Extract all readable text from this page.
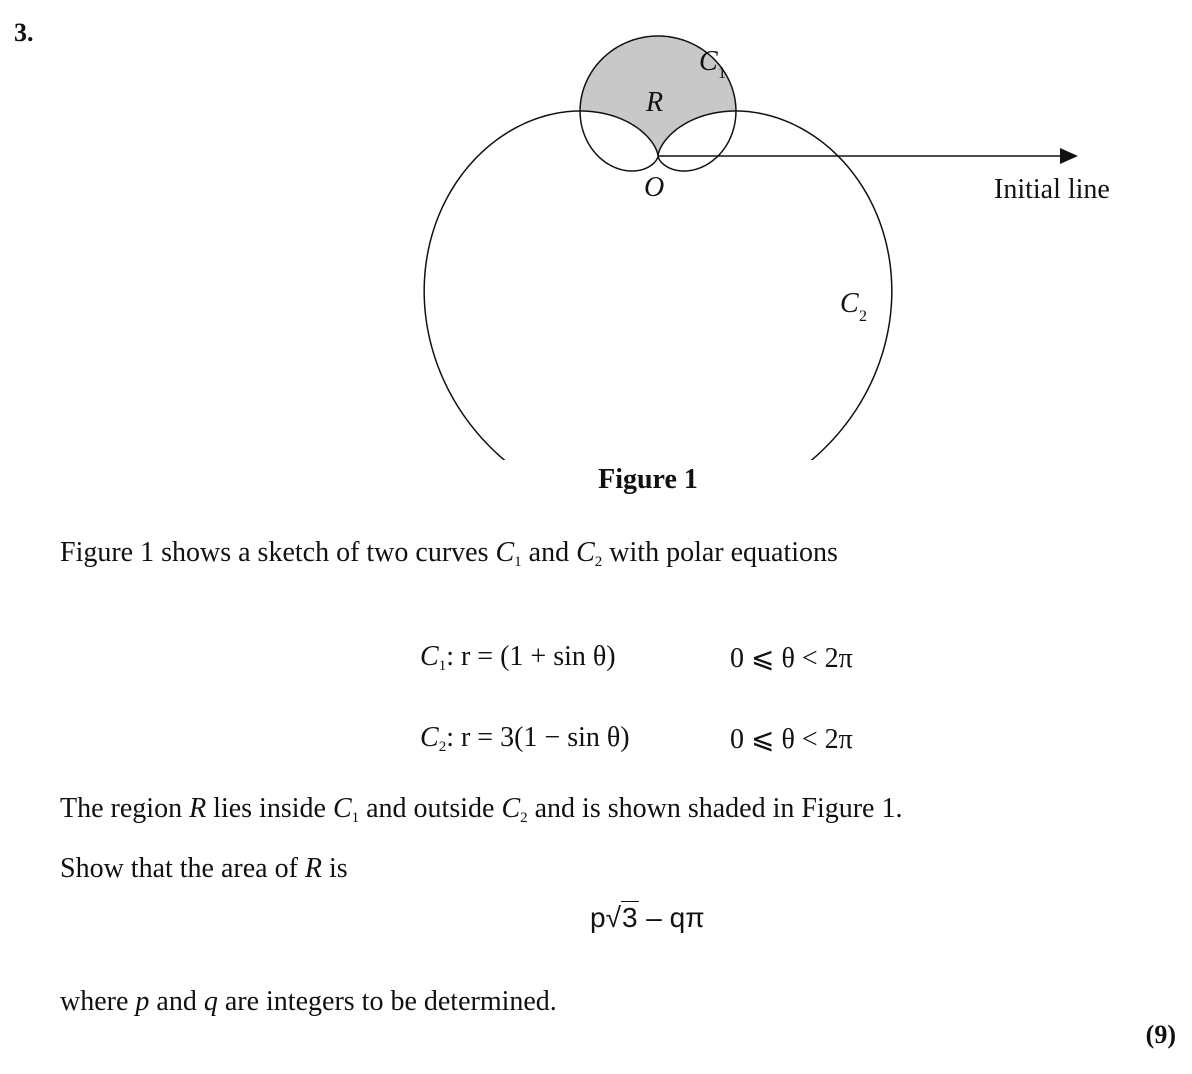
3.
C 1
R
O	Initial line
C 2
Figure 1
Figure 1 shows a sketch of two curves $C_1$ and $C_2$ with polar equations
$C_1$: r = (1 + sin θ)	0 ⩽ θ < 2π
$C_2$: r = 3(1 − sin θ)	0 ⩽ θ < 2π
The region R lies inside $C_1$ and outside $C_2$ and is shown shaded in Figure 1.
Show that the area of R is
p√3 – qπ
where p and q are integers to be determined.
(9)
